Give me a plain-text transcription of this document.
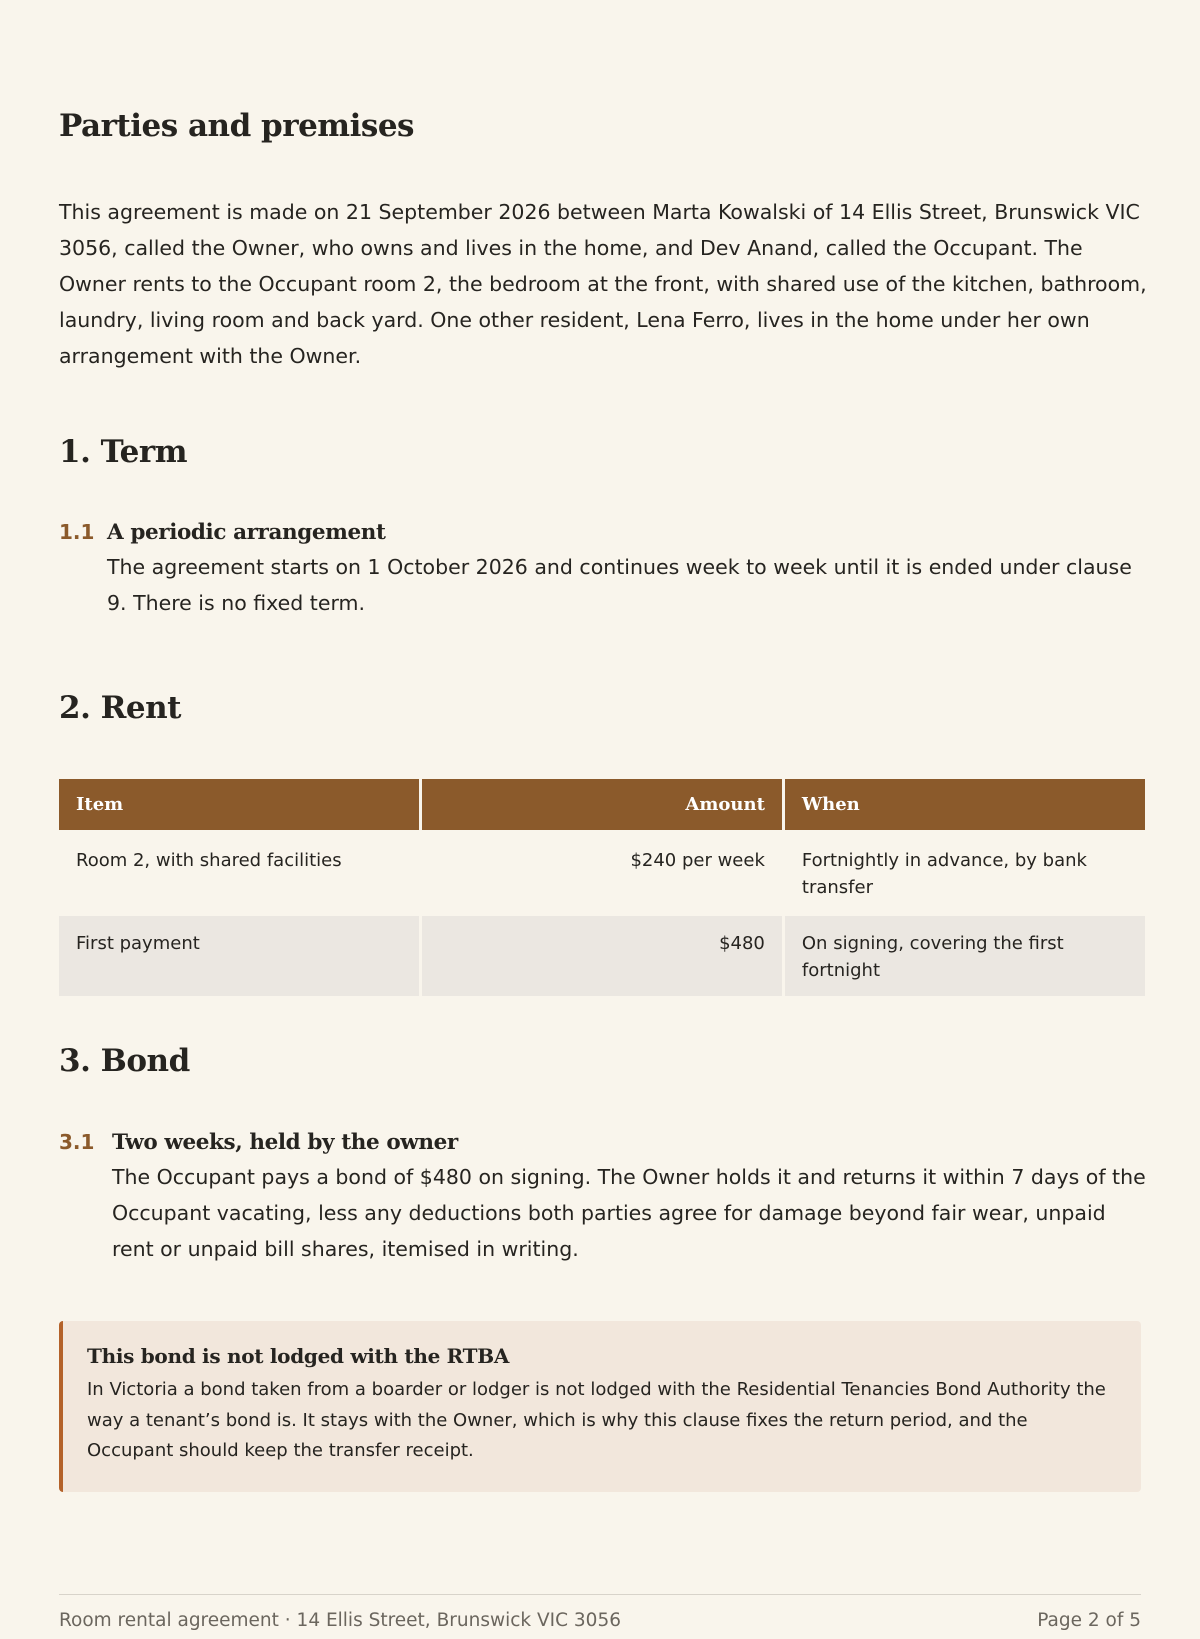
Parties and premises

This agreement is made on 21 September 2026 between Marta Kowalski of 14 Ellis Street, Brunswick VIC 3056, called the Owner, who owns and lives in the home, and Dev Anand, called the Occupant. The Owner rents to the Occupant room 2, the bedroom at the front, with shared use of the kitchen, bathroom, laundry, living room and back yard. One other resident, Lena Ferro, lives in the home under her own arrangement with the Owner.

1. Term
1.1 A periodic arrangement

The agreement starts on 1 October 2026 and continues week to week until it is ended under clause 9. There is no fixed term.

2. Rent
Item	Amount	When
Room 2, with shared facilities	$240 per week	Fortnightly in advance, by bank transfer
First payment	$480	On signing, covering the first fortnight
3. Bond
3.1 Two weeks, held by the owner

The Occupant pays a bond of $480 on signing. The Owner holds it and returns it within 7 days of the Occupant vacating, less any deductions both parties agree for damage beyond fair wear, unpaid rent or unpaid bill shares, itemised in writing.

This bond is not lodged with the RTBA

In Victoria a bond taken from a boarder or lodger is not lodged with the Residential Tenancies Bond Authority the way a tenant’s bond is. It stays with the Owner, which is why this clause fixes the return period, and the Occupant should keep the transfer receipt.

Room rental agreement · 14 Ellis Street, Brunswick VIC 3056	Page 2 of 5
